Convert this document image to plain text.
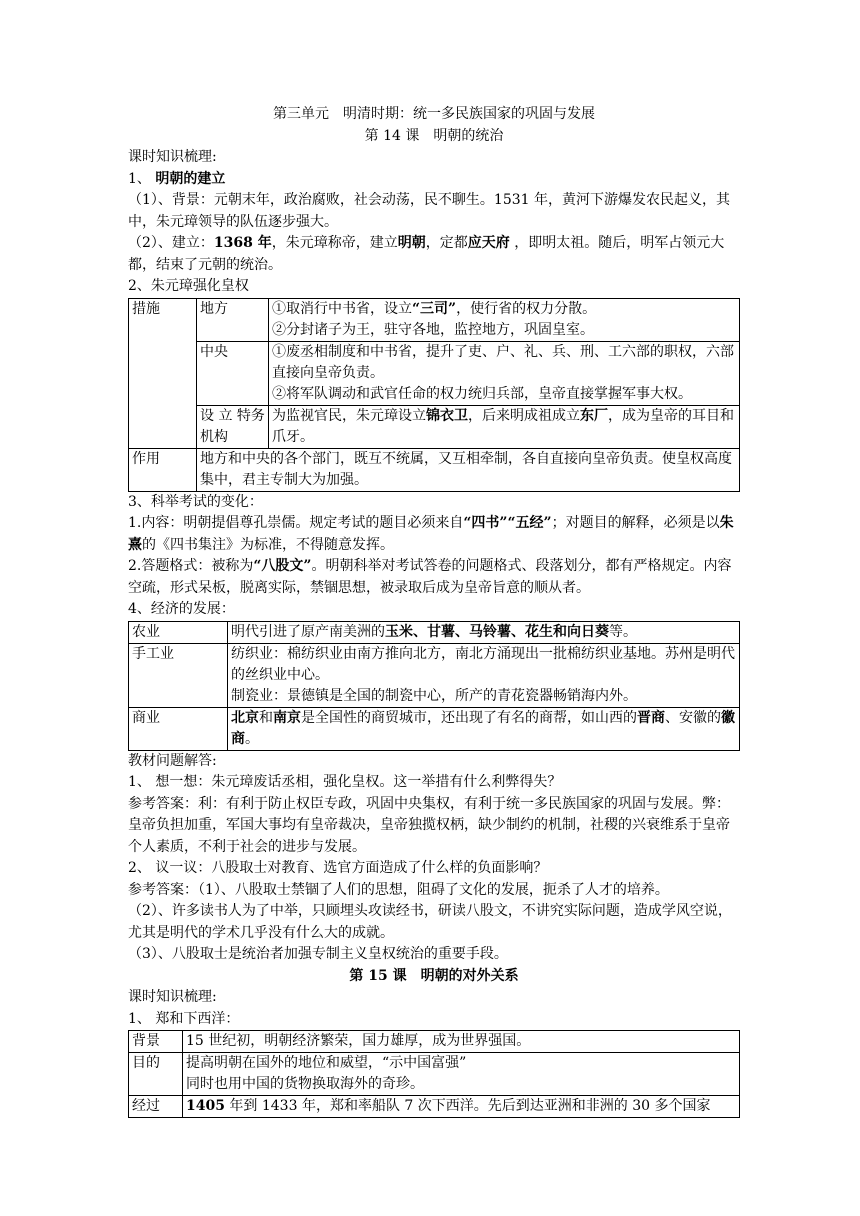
第三单元　明清时期：统一多民族国家的巩固与发展

第 14 课　明朝的统治

课时知识梳理:

1、 明朝的建立

（1）、背景：元朝末年，政治腐败，社会动荡，民不聊生。1531 年，黄河下游爆发农民起义，其中，朱元璋领导的队伍逐步强大。

（2）、建立：1368 年，朱元璋称帝，建立明朝，定都应天府 ，即明太祖。随后，明军占领元大都，结束了元朝的统治。

2、朱元璋强化皇权

措施	地方	①取消行中书省，设立“三司”，使行省的权力分散。
②分封诸子为王，驻守各地，监控地方，巩固皇室。

	中央	①废丞相制度和中书省，提升了吏、户、礼、兵、刑、工六部的职权，六部直接向皇帝负责。
②将军队调动和武官任命的权力统归兵部，皇帝直接掌握军事大权。

	设 立 特务机构	为监视官民，朱元璋设立锦衣卫，后来明成祖成立东厂，成为皇帝的耳目和爪牙。
作用	地方和中央的各个部门，既互不统属，又互相牵制，各自直接向皇帝负责。使皇权高度集中，君主专制大为加强。	

3、科举考试的变化：

1.内容：明朝提倡尊孔崇儒。规定考试的题目必须来自“四书”“五经”；对题目的解释，必须是以朱熹的《四书集注》为标准，不得随意发挥。

2.答题格式：被称为“八股文”。明朝科举对考试答卷的问题格式、段落划分，都有严格规定。内容空疏，形式呆板，脱离实际，禁锢思想，被录取后成为皇帝旨意的顺从者。

4、经济的发展：

农业	明代引进了原产南美洲的玉米、甘薯、马铃薯、花生和向日葵等。
手工业	纺织业：棉纺织业由南方推向北方，南北方涌现出一批棉纺织业基地。苏州是明代的丝织业中心。
制瓷业：景德镇是全国的制瓷中心，所产的青花瓷器畅销海内外。

商业	北京和南京是全国性的商贸城市，还出现了有名的商帮，如山西的晋商、安徽的徽商。

教材问题解答:

1、 想一想：朱元璋废话丞相，强化皇权。这一举措有什么利弊得失？

参考答案：利：有利于防止权臣专政，巩固中央集权，有利于统一多民族国家的巩固与发展。弊：皇帝负担加重，军国大事均有皇帝裁决，皇帝独揽权柄，缺少制约的机制，社稷的兴衰维系于皇帝个人素质，不利于社会的进步与发展。

2、 议一议：八股取士对教育、选官方面造成了什么样的负面影响？

参考答案：（1）、八股取士禁锢了人们的思想，阻碍了文化的发展，扼杀了人才的培养。

（2）、许多读书人为了中举，只顾埋头攻读经书，研读八股文，不讲究实际问题，造成学风空说，尤其是明代的学术几乎没有什么大的成就。

（3）、八股取士是统治者加强专制主义皇权统治的重要手段。

第 15 课　明朝的对外关系

课时知识梳理:

1、 郑和下西洋：

背景	15 世纪初，明朝经济繁荣，国力雄厚，成为世界强国。
目的	提高明朝在国外的地位和威望，“示中国富强”
同时也用中国的货物换取海外的奇珍。

经过	1405 年到 1433 年，郑和率船队 7 次下西洋。先后到达亚洲和非洲的 30 多个国家
